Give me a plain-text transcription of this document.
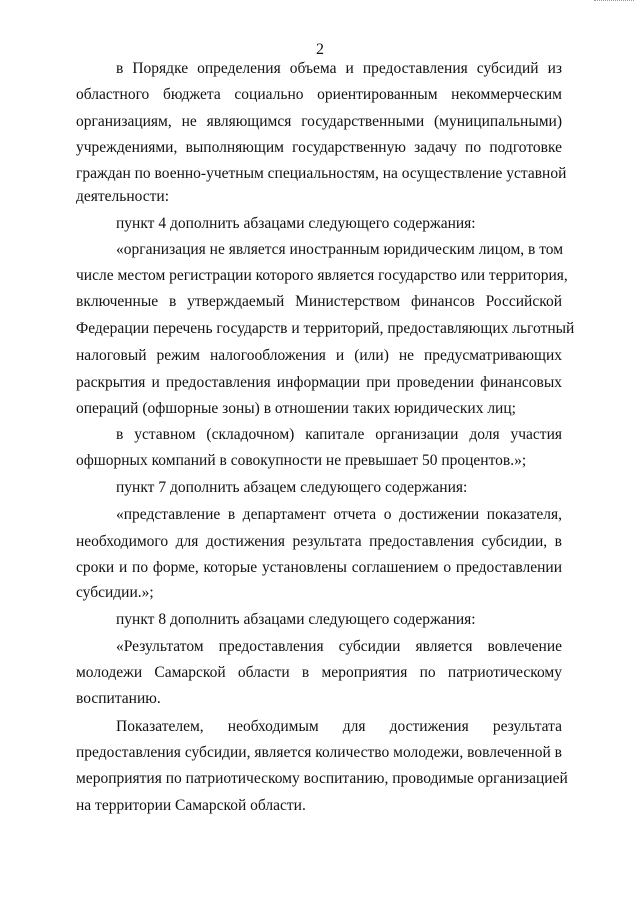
2
в Порядке определения объема и предоставления субсидий из
областного бюджета социально ориентированным некоммерческим
организациям, не являющимся государственными (муниципальными)
учреждениями, выполняющим государственную задачу по подготовке
граждан по военно-учетным специальностям, на осуществление уставной
деятельности:
пункт 4 дополнить абзацами следующего содержания:
«организация не является иностранным юридическим лицом, в том
числе местом регистрации которого является государство или территория,
включенные в утверждаемый Министерством финансов Российской
Федерации перечень государств и территорий, предоставляющих льготный
налоговый режим налогообложения и (или) не предусматривающих
раскрытия и предоставления информации при проведении финансовых
операций (офшорные зоны) в отношении таких юридических лиц;
в уставном (складочном) капитале организации доля участия
офшорных компаний в совокупности не превышает 50 процентов.»;
пункт 7 дополнить абзацем следующего содержания:
«представление в департамент отчета о достижении показателя,
необходимого для достижения результата предоставления субсидии, в
сроки и по форме, которые установлены соглашением о предоставлении
субсидии.»;
пункт 8 дополнить абзацами следующего содержания:
«Результатом предоставления субсидии является вовлечение
молодежи Самарской области в мероприятия по патриотическому
воспитанию.
Показателем, необходимым для достижения результата
предоставления субсидии, является количество молодежи, вовлеченной в
мероприятия по патриотическому воспитанию, проводимые организацией
на территории Самарской области.
